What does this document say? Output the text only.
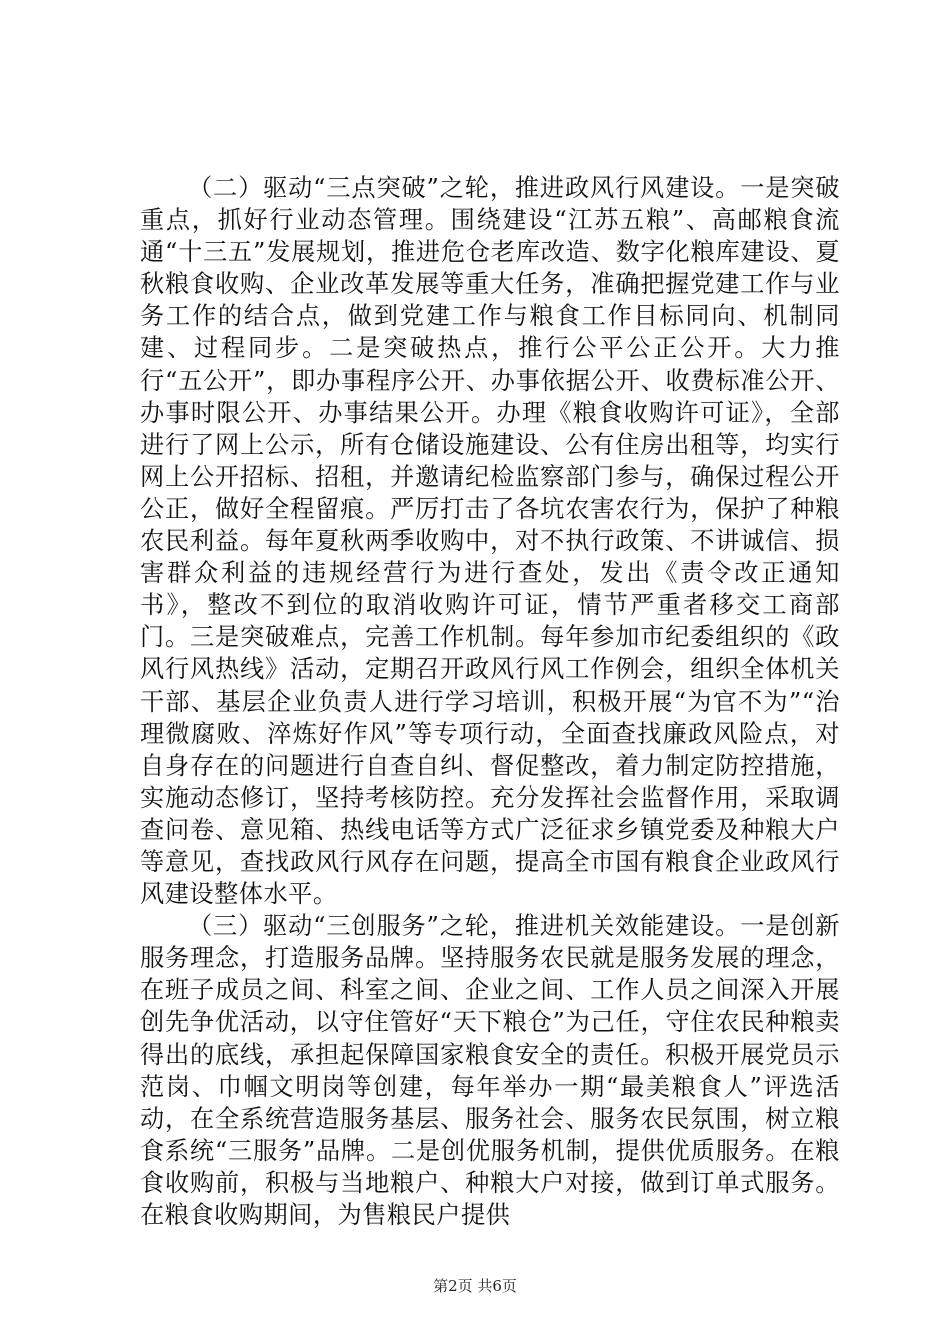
（二）驱动“三点突破”之轮，推进政风行风建设。一是突破重点，抓好行业动态管理。围绕建设“江苏五粮”、高邮粮食流通“十三五”发展规划，推进危仓老库改造、数字化粮库建设、夏秋粮食收购、企业改革发展等重大任务，准确把握党建工作与业务工作的结合点，做到党建工作与粮食工作目标同向、机制同建、过程同步。二是突破热点，推行公平公正公开。大力推行“五公开”，即办事程序公开、办事依据公开、收费标准公开、办事时限公开、办事结果公开。办理《粮食收购许可证》，全部进行了网上公示，所有仓储设施建设、公有住房出租等，均实行网上公开招标、招租，并邀请纪检监察部门参与，确保过程公开公正，做好全程留痕。严厉打击了各坑农害农行为，保护了种粮农民利益。每年夏秋两季收购中，对不执行政策、不讲诚信、损害群众利益的违规经营行为进行查处，发出《责令改正通知书》，整改不到位的取消收购许可证，情节严重者移交工商部门。三是突破难点，完善工作机制。每年参加市纪委组织的《政风行风热线》活动，定期召开政风行风工作例会，组织全体机关干部、基层企业负责人进行学习培训，积极开展“为官不为”“治理微腐败、淬炼好作风”等专项行动，全面查找廉政风险点，对自身存在的问题进行自查自纠、督促整改，着力制定防控措施，实施动态修订，坚持考核防控。充分发挥社会监督作用，采取调查问卷、意见箱、热线电话等方式广泛征求乡镇党委及种粮大户等意见，查找政风行风存在问题，提高全市国有粮食企业政风行风建设整体水平。

（三）驱动“三创服务”之轮，推进机关效能建设。一是创新服务理念，打造服务品牌。坚持服务农民就是服务发展的理念，在班子成员之间、科室之间、企业之间、工作人员之间深入开展创先争优活动，以守住管好“天下粮仓”为己任，守住农民种粮卖得出的底线，承担起保障国家粮食安全的责任。积极开展党员示范岗、巾帼文明岗等创建，每年举办一期“最美粮食人”评选活动，在全系统营造服务基层、服务社会、服务农民氛围，树立粮食系统“三服务”品牌。二是创优服务机制，提供优质服务。在粮食收购前，积极与当地粮户、种粮大户对接，做到订单式服务。在粮食收购期间，为售粮民户提供

第2页 共6页
